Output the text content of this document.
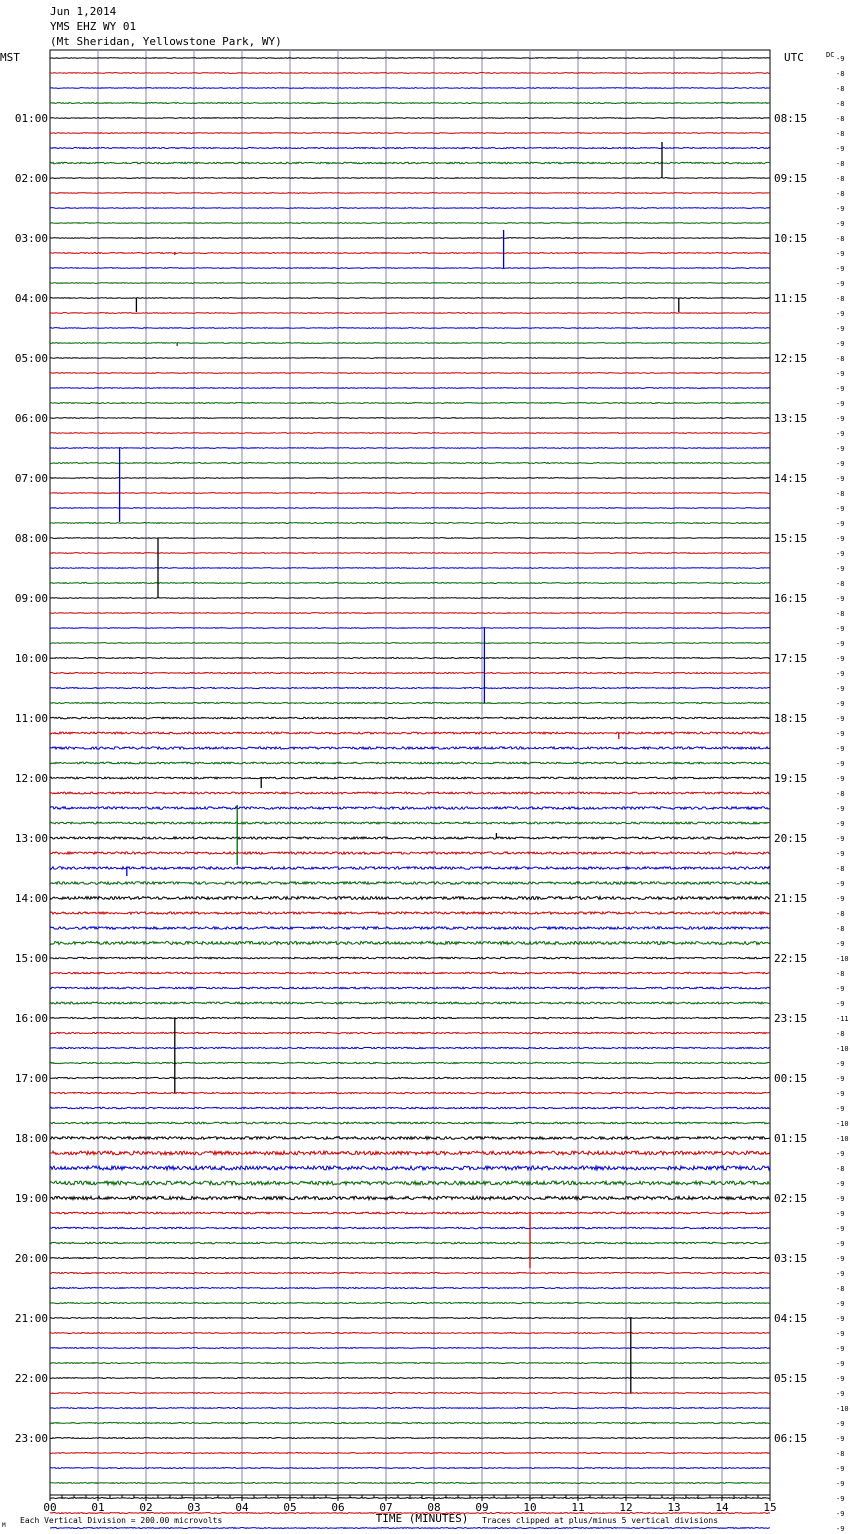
Jun 1,2014
YMS EHZ WY 01
(Mt Sheridan, Yellowstone Park, WY)
00	01	02	03	04	05	06	07	08	09	10	11	12	13	14	15
-9
-8
-8
-8
-8
-8
-9
-8
-8
-8
-9
-9
-8
-9
-9
-9
-8
-9
-9
-9
-8
-9
-9
-9
-9
-9
-9
-9
-9
-8
-9
-9
-9
-9
-9
-8
-9
-8
-9
-9
-9
-9
-9
-9
-9
-9
-9
-9
-9
-8
-9
-9
-9
-9
-8
-9
-9
-8
-8
-9
-10
-8
-9
-9
-11
-8
-10
-9
-9
-9
-9
-10
-10
-9
-8
-9
-9
-9
-9
-9
-9
-9
-8
-9
-9
-9
-9
-9
-9
-9
-10
-9
-9
-8
-9
-9
-9
-9
-9
01:00
02:00
03:00
04:00
05:00
06:00
07:00
08:00
09:00
10:00
11:00
12:00
13:00
14:00
15:00
16:00
17:00
18:00
19:00
20:00
21:00
22:00
23:00
08:15
09:15
10:15
11:15
12:15
13:15
14:15
15:15
16:15
17:15
18:15
19:15
20:15
21:15
22:15
23:15
00:15
01:15
02:15
03:15
04:15
05:15
06:15
MST	UTC	DC
Each Vertical Division = 200.00 microvolts	TIME (MINUTES) Traces clipped at plus/minus 5 vertical divisions
M
